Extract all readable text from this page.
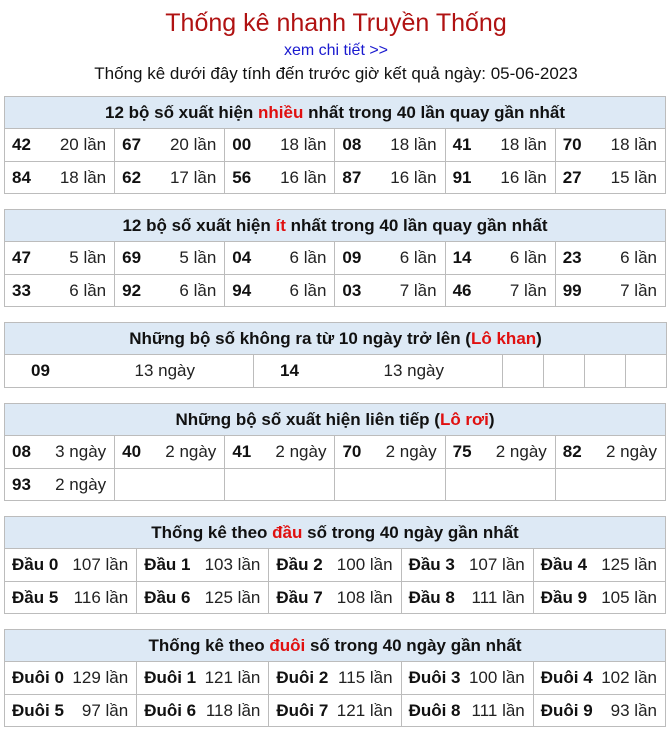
Thống kê nhanh Truyền Thống
xem chi tiết >>
Thống kê dưới đây tính đến trước giờ kết quả ngày: 05-06-2023
12 bộ số xuất hiện nhiều nhất trong 40 lần quay gần nhất					

42 20 lần	67 20 lần	00 18 lần	08 18 lần	41 18 lần	70 18 lần

84 18 lần	62 17 lần	56 16 lần	87 16 lần	91 16 lần	27 15 lần
12 bộ số xuất hiện ít nhất trong 40 lần quay gần nhất					

47 5 lần	69 5 lần	04 6 lần	09 6 lần	14 6 lần	23 6 lần

33 6 lần	92 6 lần	94 6 lần	03 7 lần	46 7 lần	99 7 lần
Những bộ số không ra từ 10 ngày trở lên (Lô khan)

09	13 ngày	14	13 ngày

Những bộ số xuất hiện liên tiếp (Lô rơi)					

08 3 ngày	40 2 ngày	41 2 ngày	70 2 ngày	75 2 ngày	82 2 ngày

93 2 ngày					

Thống kê theo đầu số trong 40 ngày gần nhất				

Đầu 0 107 lần	Đầu 1 103 lần	Đầu 2 100 lần	Đầu 3 107 lần	Đầu 4 125 lần

Đầu 5 116 lần	Đầu 6 125 lần	Đầu 7 108 lần	Đầu 8 111 lần	Đầu 9 105 lần
Thống kê theo đuôi số trong 40 ngày gần nhất				

Đuôi 0 129 lần	Đuôi 1 121 lần	Đuôi 2 115 lần	Đuôi 3 100 lần	Đuôi 4 102 lần

Đuôi 5 97 lần	Đuôi 6 118 lần	Đuôi 7 121 lần	Đuôi 8 111 lần	Đuôi 9 93 lần
